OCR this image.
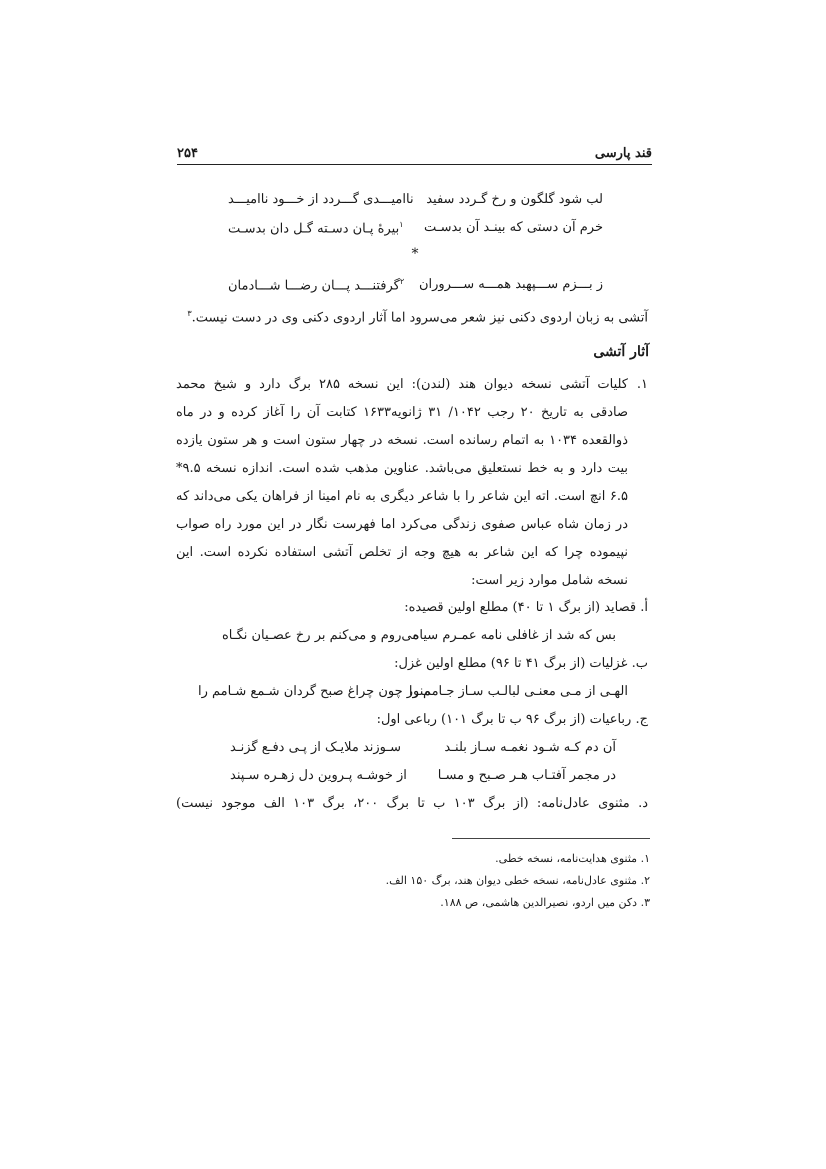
قند پارسی
۲۵۴
لب شود گلگون و رخ گـردد سفید
نااميـــدی گـــردد از خـــود نااميـــد
خرم آن دستی که بینـد آن بدسـت
$^۱$بيرهٔ پـان دسـته گـل دان بدسـت
*
ز بـــزم ســـپهبد همـــه ســـروران
$^۲$گرفتنـــد پـــان رضـــا شـــادمان
آتشی به زبان اردوی دکنی نیز شعر می‌سرود اما آثار اردوی دکنی وی در دست نیست.$^۳$
آثار آتشی
۱.
کلیات آتشی نسخه دیوان هند (لندن): این نسخه ۲۸۵ برگ دارد و شیخ محمد
صادقی به تاریخ ۲۰ رجب ۱۰۴۲/ ۳۱ ژانویه۱۶۳۳ کتابت آن را آغاز کرده و در ماه
ذوالقعده ۱۰۳۴ به اتمام رسانده است. نسخه در چهار ستون است و هر ستون یازده
بیت دارد و به خط نستعلیق می‌باشد. عناوین مذهب شده است. اندازه نسخه ۹.۵*
۶.۵ انچ است. اته این شاعر را با شاعر دیگری به نام امینا از فراهان یکی می‌داند که
در زمان شاه عباس صفوی زندگی می‌کرد اما فهرست نگار در این مورد راه صواب
نپیموده چرا که این شاعر به هیچ وجه از تخلص آتشی استفاده نکرده است. این
نسخه شامل موارد زیر است:
أ. قصاید (از برگ ۱ تا ۴۰) مطلع اولین قصیده:
بس که شد از غافلی نامه عمـرم سیاه
می‌روم و می‌کنم بر رخ عصـیان نگـاه
ب. غزلیات (از برگ ۴۱ تا ۹۶) مطلع اولین غزل:
الهـی از مـی معنـی لبالـب سـاز جـامم را
منور چون چراغ صبح گردان شـمع شـامم را
ج. رباعیات (از برگ ۹۶ ب تا برگ ۱۰۱) رباعی اول:
آن دم کـه شـود نغمـه سـاز بلنـد
سـوزند ملايـک از پـی دفـع گزنـد
در مجمر آفتـاب هـر صـبح و مسـا
از خوشـه پـروين دل زهـره سـپند
د. مثنوی عادل‌نامه: (از برگ ۱۰۳ ب تا برگ ۲۰۰، برگ ۱۰۳ الف موجود نیست)
۱. مثنوی هدایت‌نامه، نسخه خطی.
۲. مثنوی عادل‌نامه، نسخه خطی دیوان هند، برگ ۱۵۰ الف.
۳. دکن میں اردو، نصیرالدین هاشمی، ص ۱۸۸.
